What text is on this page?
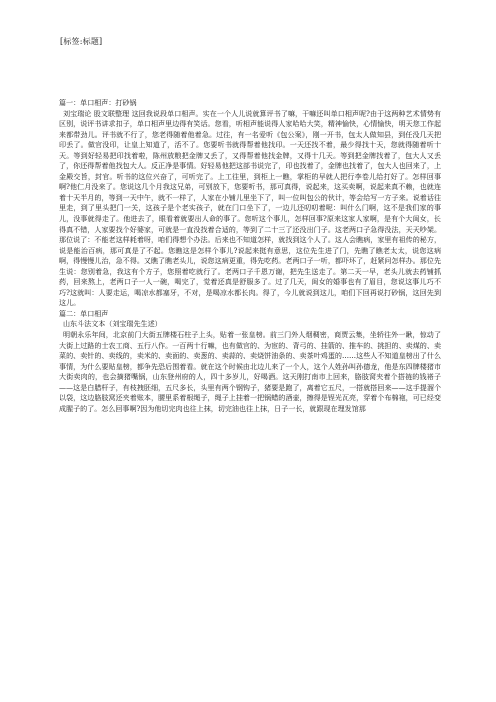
[标签:标题]

篇一：单口相声：打砂锅

刘宝瑞论 股文联整理 这回我说段单口相声。实在一个人儿说就算评书了嘛，干嘛还叫单口相声呢?由于这两种艺术情势有区别，说评书讲求扣子，单口相声里边得有笑话。您看，听相声能说得人家哈哈大笑，精神愉快，心情愉快，明天您工作起来都带劲儿。评书就不行了，您老得随着他着急。过往，有一名爱听《包公案》，刚一开书，包太人做知县，到任没几天把印丢了。做官没印，让皇上知道了，活不了。您要听书就得帮着他找印。一天还找不着，最少得找十天，您就得随着听十天。等到好轻易把印找着啦，陈州放粮把金牌又丢了，又得帮着他找金牌，又得十几天。等到把金牌找着了，包大人又丢了，你还得帮着他找包大人。反正净是事情。好轻易他把这部书说完了，印也找着了，金牌也找着了，包大人也回来了，上金殿交旨，封官。听书的这位兴奋了，可听完了。上工往里，到柜上一瞧，掌柜的早就人把行李卷儿给打好了。怎样回事啊?他仁月没来了。您说这几个月我这兄弟，可别放下，您要听书，那可真得，说起来，这买卖啊，说起来真不赖，也就连着十天半月的，等到一天中午，就不一样了，人家在小铺儿里坐下了，叫一位叫包公的伙计，等会给写一方子来。说着话往里走，到了里头把门一关，这孩子是个老实孩子，就在门口坐下了，一边儿还叨叨着呢：叫什么门啊，这不是我们家的事儿，没事就得走了。他进去了，眼看着就要出人命的事了。您听这个事儿，怎样回事?原来这家人家啊，是有个大闺女，长得真不错，人家要找个好婆家，可就是一直没找着合适的，等到了二十三了还没出门子。这老两口子急得没法，天天吵架。那位说了：不能老这样耗着呀，咱们得想个办法。后来也不知道怎样，就找到这个人了。这人会瞧病，家里有祖传的秘方，说是能治百病，那可真是了不起。您瞧这是怎样个事儿?说起来挺有意思，这位先生进了门，先瞧了瞧老太太，说您这病啊，得慢慢儿治，急不得。又瞧了瞧老头儿，说您这病更重，得先吃药。老两口子一听，都吓坏了，赶紧问怎样办。那位先生说：您别着急，我这有个方子，您照着吃就行了。老两口子千恩万谢，把先生送走了。第二天一早，老头儿就去药铺抓药，回来熬上，老两口子一人一碗，喝完了，觉着还真是舒服多了。过了几天，闺女的婚事也有了眉目，您说这事儿巧不巧?这就叫：人要走运，喝凉水都塞牙，不对，是喝凉水都长肉。得了，今儿就说到这儿，咱们下回再说打砂锅，这回先到这儿。

篇二：单口相声

山东斗法文本（刘宝瑞先生述）

明朝永乐年间，北京前门大街五牌楼石柱子上头，贴着一张皇榜。前三门外人烟稠密，商贾云集，坐轿往外一瞅，惊动了大街上过路的士农工商、五行八作。一百两十行嘛，也有做官的、为宦的、背弓的、挂箭的、推车的、挑担的、卖煤的、卖菜的、卖针的、卖线的，卖米的、卖面的、卖葱的、卖蒜的、卖烧饼油条的、卖茶叶鸡蛋的……这些人不知道皇榜出了什么事情，为什么要贴皇榜，都争先恐后围着看。就在这个时候由北边儿来了一个人，这个人姓孙叫孙德龙，他是东四牌楼猪市大街卖肉的，也会摘猪嘴锅，山东登州府的人，四十多岁儿，好喝酒。这天刚打南市上回来，胳肢窝夹着个搭裢的钱褡子——这是白腊杆子，有枝拽胚细，五尺多长，头里有两个钢钩子，猪要是跑了，离着它五尺，一搭就搭回来——这手提溜个以袋，这边胳肢窝还夹着账本，腰里系着根绳子，绳子上挂着一把锅蜡的酒壶，擦得是锃光瓦亮，穿着个布棉袍，可已经变成腥子的了。怎么回事啊?因为他切完肉也往上抹，切完油也往上抹，日子一长，就跟现在理发馆那
